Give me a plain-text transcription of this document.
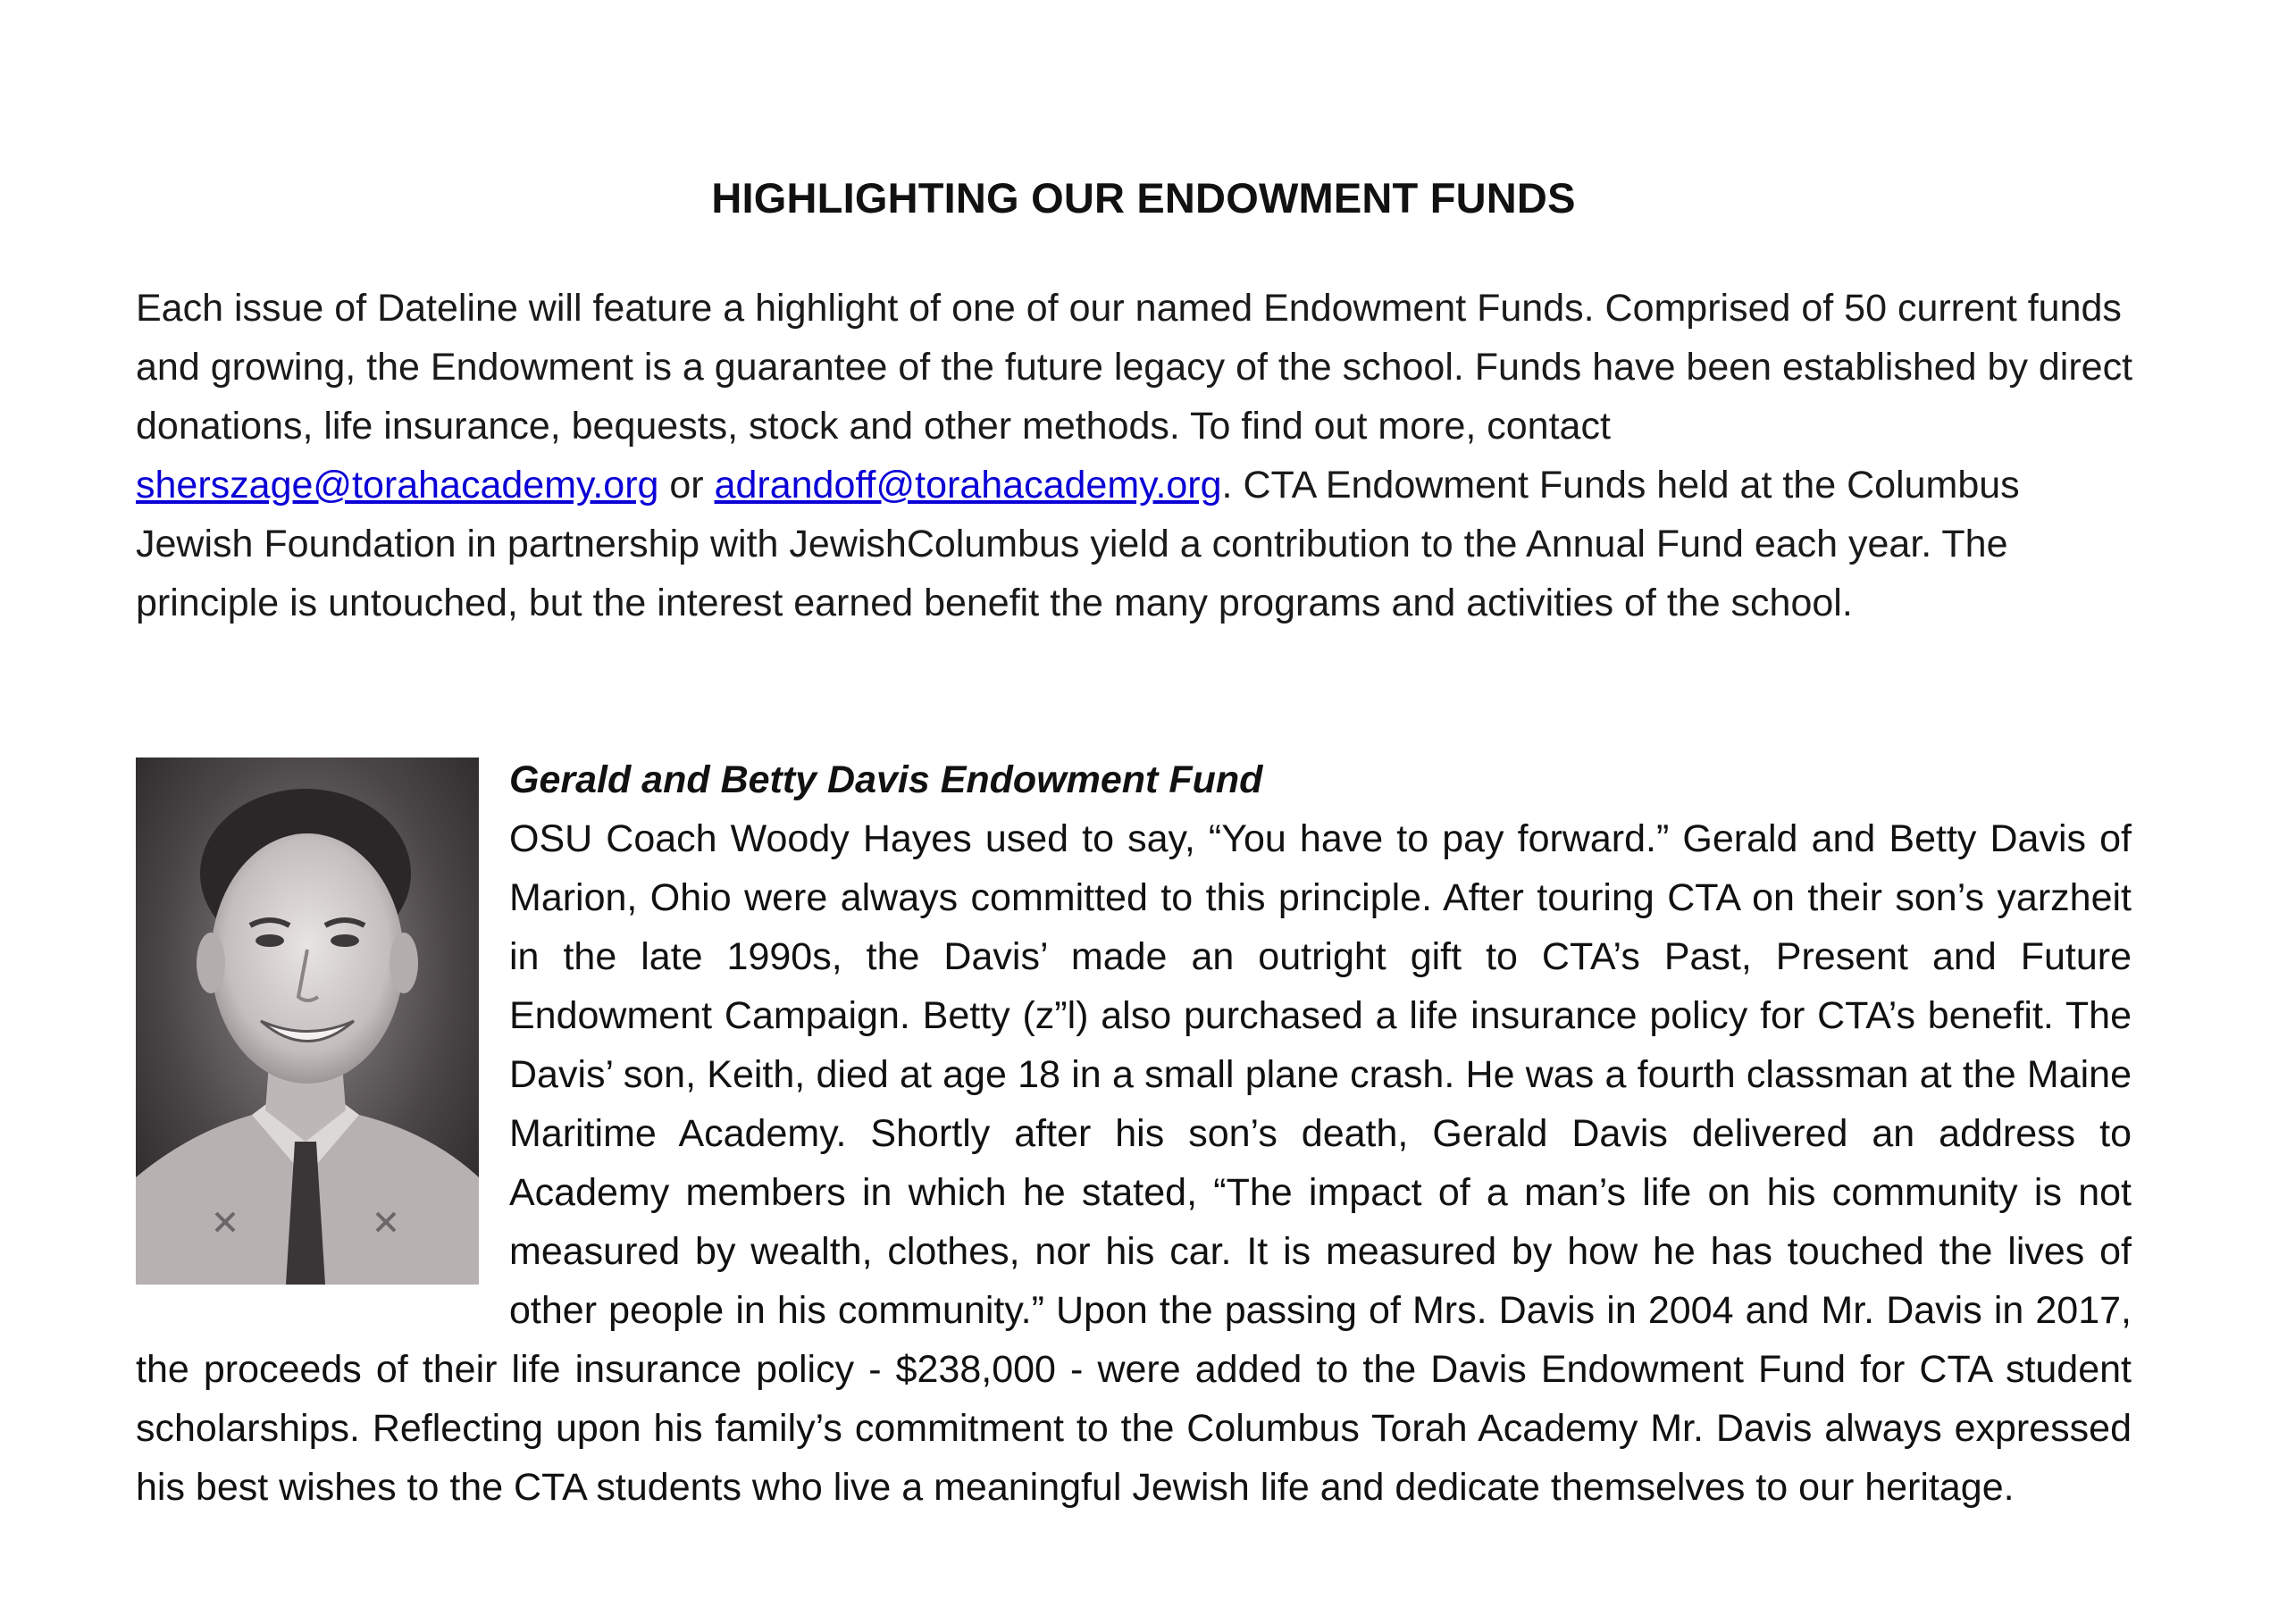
HIGHLIGHTING OUR ENDOWMENT FUNDS

Each issue of Dateline will feature a highlight of one of our named Endowment Funds. Comprised of 50 current funds and growing, the Endowment is a guarantee of the future legacy of the school. Funds have been established by direct donations, life insurance, bequests, stock and other methods. To find out more, contact sherszage@torahacademy.org or adrandoff@torahacademy.org. CTA Endowment Funds held at the Columbus Jewish Foundation in partnership with JewishColumbus yield a contribution to the Annual Fund each year. The principle is untouched, but the interest earned benefit the many programs and activities of the school.

Gerald and Betty Davis Endowment Fund

OSU Coach Woody Hayes used to say, “You have to pay forward.” Gerald and Betty Davis of Marion, Ohio were always committed to this principle. After touring CTA on their son’s yarzheit in the late 1990s, the Davis’ made an outright gift to CTA’s Past, Present and Future Endowment Campaign. Betty (z”l) also purchased a life insurance policy for CTA’s benefit. The Davis’ son, Keith, died at age 18 in a small plane crash. He was a fourth classman at the Maine Maritime Academy. Shortly after his son’s death, Gerald Davis delivered an address to Academy members in which he stated, “The impact of a man’s life on his community is not measured by wealth, clothes, nor his car. It is measured by how he has touched the lives of other people in his community.” Upon the passing of Mrs. Davis in 2004 and Mr. Davis in 2017, the proceeds of their life insurance policy - $238,000 - were added to the Davis Endowment Fund for CTA student scholarships. Reflecting upon his family’s commitment to the Columbus Torah Academy Mr. Davis always expressed his best wishes to the CTA students who live a meaningful Jewish life and dedicate themselves to our heritage.
